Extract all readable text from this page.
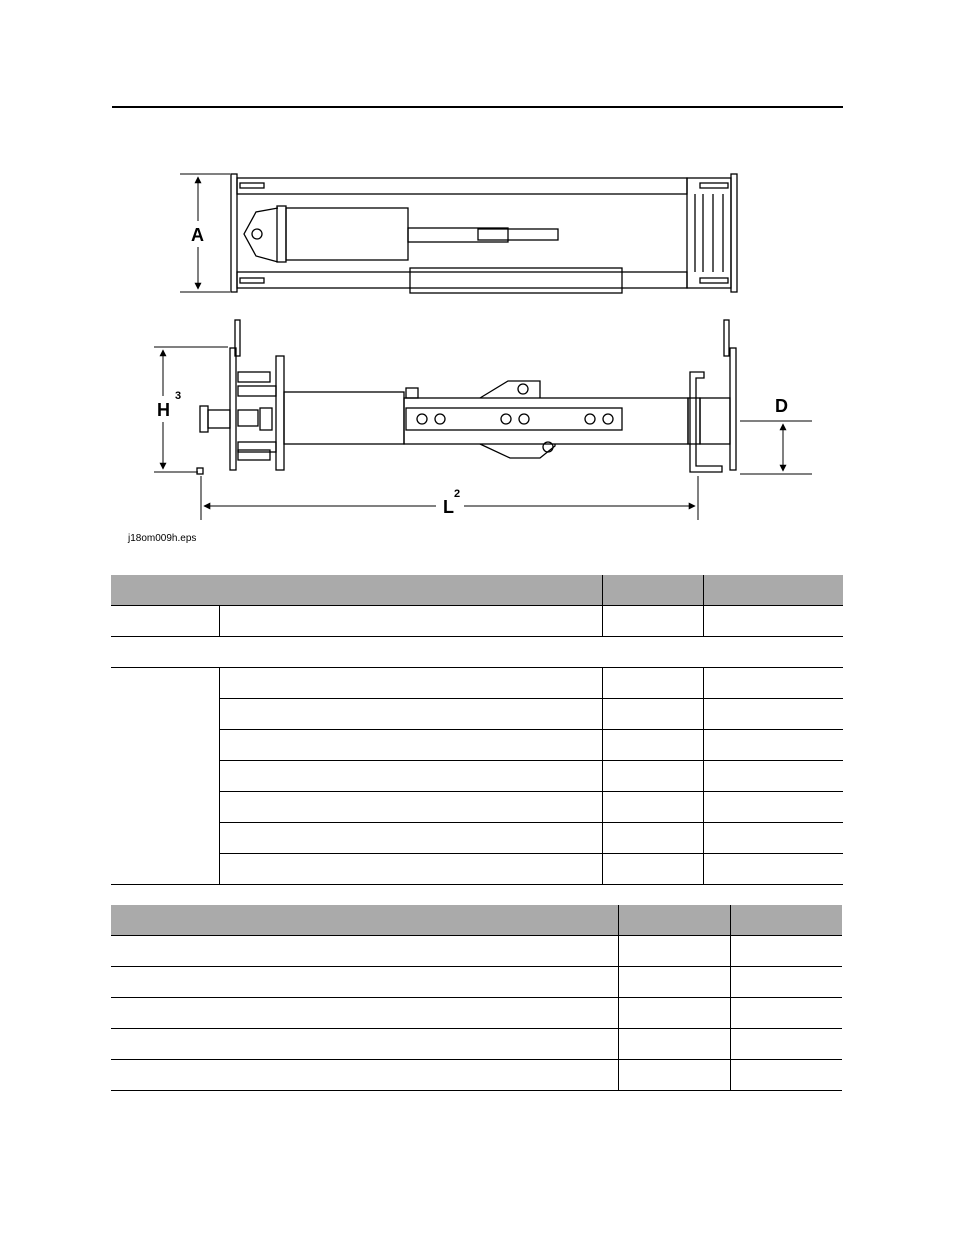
A
H
3	D
L
2
j18om009h.eps
